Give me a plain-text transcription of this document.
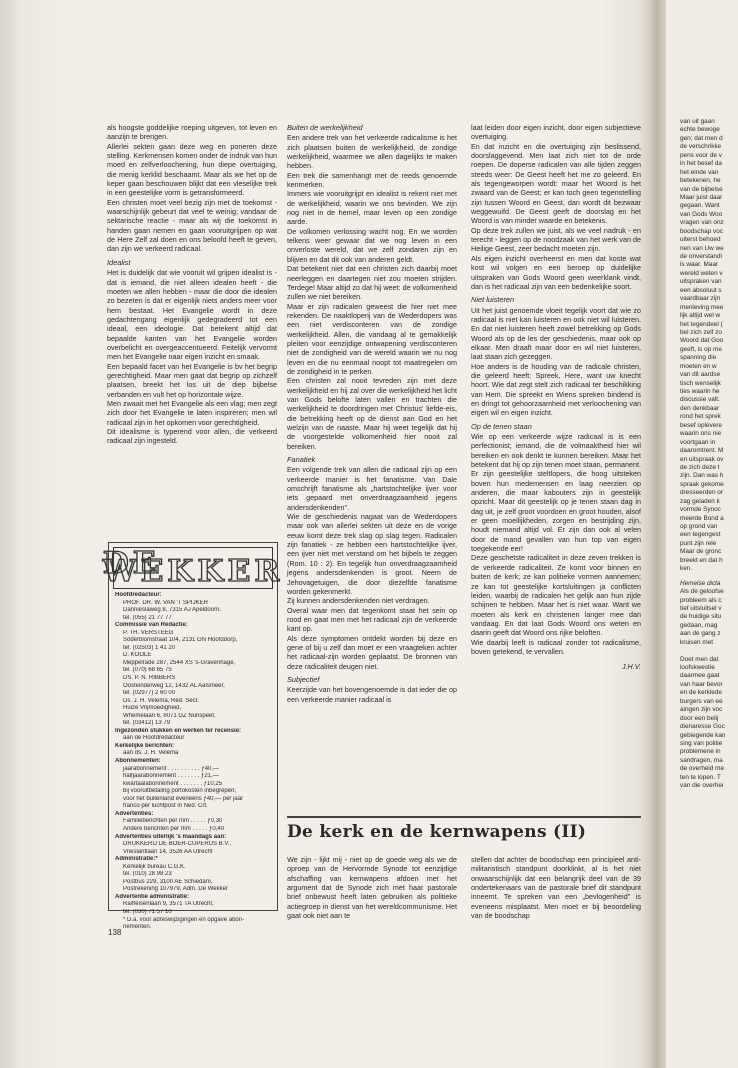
als hoogste goddelijke roeping uitgeven, tot leven en aanzijn te brengen.

Allerlei sekten gaan deze weg en poneren deze stelling. Kerkmensen komen onder de indruk van hun moed en zelfverloochening, hun diepe overtuiging, die menig kerklid beschaamt. Maar als we het op de keper gaan beschouwen blijkt dat een vleselijke trek in een geestelijke vorm is getransformeerd.

Een christen moet veel bezig zijn met de toekomst - waarschijnlijk gebeurt dat veel te weinig; vandaar de sektarische reactie - maar als wij die toekomst in handen gaan nemen en gaan vooruitgrijpen op wat de Here Zelf zal doen en ons beloofd heeft te geven, dan zijn we verkeerd radicaal.

Idealist

Het is duidelijk dat wie vooruit wil grijpen idealist is - dat is iemand, die niet alleen idealen heeft - die moeten we allen hebben - maar die door die idealen zo bezeten is dat er eigenlijk niets anders meer voor hem bestaat. Het Evangelie wordt in deze gedachtengang eigenlijk gedegradeerd tot een ideaal, een ideologie. Dat betekent altijd dat bepaalde kanten van het Evangelie worden overbelicht en overgeaccentueerd. Feitelijk vervormt men het Evangelie naar eigen inzicht en smaak.

Een bepaald facet van het Evangelie is bv het begrip gerechtigheid. Maar men gaat dat begrip op zichzelf plaatsen, breekt het los uit de diep bijbelse verbanden en vult het op horizontale wijze.

Men zwaait met het Evangelie als een vlag; men zegt zich door het Evangelie te laten inspireren; men wil radicaal zijn in het opkomen voor gerechtigheid.

Dit idealisme is typerend voor allen, die verkeerd radicaal zijn ingesteld.

Buiten de werkelijkheid

Een andere trek van het verkeerde radicalisme is het zich plaatsen buiten de werkelijkheid, de zondige werkelijkheid, waarmee we allen dagelijks te maken hebben.

Een trek die samenhangt met de reeds genoemde kenmerken.

Immers wie vooruitgrijpt en idealist is rekent niet met de werkelijkheid, waarin we ons bevinden. We zijn nog niet in de hemel, maar leven op een zondige aarde.

De volkomen verlossing wacht nog. En we worden telkens weer gewaar dat we nog leven in een onverloste wereld, dat we zelf zondaren zijn en blijven en dat dit ook van anderen geldt.

Dat betekent niet dat een christen zich daarbij moet neerleggen en daartegen niet zou moeten strijden. Terdege! Maar altijd zo dat hij weet: de volkomenheid zullen we niet bereiken.

Maar er zijn radicalen geweest die hier niet mee rekenden. De naaktloperij van de Wederdopers was een niet verdisconteren van de zondige werkelijkheid. Allen, die vandaag al te gemakkelijk pleiten voor eenzijdige ontwapening verdisconteren niet de zondigheid van de wereld waarin we nu nog leven en die nu eenmaal noopt tot maatregelen om de zondigheid in te perken.

Een christen zal nooit tevreden zijn met deze werkelijkheid en hij zal over die werkelijkheid het licht van Gods belofte laten vallen en trachten die werkelijkheid te doordringen met Christus' liefde-eis, die betrekking heeft op de dienst aan God en het welzijn van de naaste. Maar hij weet tegelijk dat hij de voorgestelde volkomenheid hier nooit zal bereiken.

Fanatiek

Een volgende trek van allen die radicaal zijn op een verkeerde manier is het fanatisme. Van Dale omschrijft fanatisme als „hartstochtelijke ijver voor iets gepaard met onverdraagzaamheid jegens andersdenkenden".

Wie de geschiedenis nagaat van de Wederdopers maar ook van allerlei sekten uit deze en de vorige eeuw komt deze trek slag op slag tegen. Radicalen zijn fanatiek - ze hebben een hartstochtelijke ijver, een ijver niet met verstand om het bijbels te zeggen (Rom. 10 : 2). En tegelijk hun onverdraagzaamheid jegens andersdenkenden is groot. Neem de Jehovagetuigen, die door diezelfde fanatisme worden gekenmerkt.

Zij kunnen andersdenkenden niet verdragen.

Overal waar men dat tegenkomt staat het sein op rood en gaat men met het radicaal zijn de verkeerde kant op.

Als deze symptomen ontdekt worden bij deze en gene of bij u zelf dan moet er een vraagteken achter het radicaal-zijn worden geplaatst. De bronnen van deze radicaliteit deugen niet.

Subjectief

Keerzijde van het bovengenoemde is dat ieder die op een verkeerde manier radicaal is

laat leiden door eigen inzicht, door eigen subjectieve overtuiging.

En dat inzicht en die overtuiging zijn beslissend, doorslaggevend. Men laat zich niet tot de orde roepen. De doperse radicalen van alle tijden zeggen steeds weer: De Geest heeft het me zo geleerd. En als tegengeworpen wordt: maar het Woord is het zwaard van de Geest; er kan toch geen tegenstelling zijn tussen Woord en Geest, dan wordt dit bezwaar weggewuifd. De Geest geeft de doorslag en het Woord is van minder waarde en betekenis.

Op deze trek zullen we juist, als we veel nadruk - en terecht - leggen op de noodzaak van het werk van de Heilige Geest, zeer bedacht moeten zijn.

Als eigen inzicht overheerst en men dat koste wat kost wil volgen en een beroep op duidelijke uitspraken van Gods Woord geen weerklank vindt, dan is het radicaal zijn van een bedenkelijke soort.

Niet luisteren

Uit het juist genoemde vloeit tegelijk voort dat wie zo radicaal is niet kan luisteren en ook niet wil luisteren. En dat niet luisteren heeft zowel betrekking op Gods Woord als op de les der geschiedenis, maar ook op elkaar. Men draaft maar door en wil niet luisteren, laat staan zich gezeggen.

Hoe anders is de houding van de radicale christen, die geleerd heeft: Spreek, Here, want uw knecht hoort. Wie dat zegt stelt zich radicaal ter beschikking van Hem. Die spreekt en Wiens spreken bindend is en dringt tot gehoorzaamheid met verloochening van eigen wil en eigen inzicht.

Op de tenen staan

Wie op een verkeerde wijze radicaal is is een perfectionist; iemand, die de volmaaktheid hier wil bereiken en ook denkt te kunnen bereiken. Maar het betekent dat hij op zijn tenen moet staan, permanent. Er zijn geestelijke steltlopers, die hoog uitsteken boven hun medemensen en laag neerzien op anderen, die maar kabouters zijn in geestelijk opzicht. Maar dit geestelijk op je tenen staan dag in dag uit, je zelf groot voordoen en groot houden, alsof er geen moeilijkheden, zorgen en bestrijding zijn, houdt niemand altijd vol. Er zijn dan ook al velen door de mand gevallen van hun top van eigen toegekende eer!

Deze geschetste radicaliteit in deze zeven trekken is de verkeerde radicaliteit. Ze komt voor binnen en buiten de kerk; ze kan politieke vormen aannemen; ze kan tot geestelijke kortsluitingen ja conflicten leiden, waarbij de radicalen het gelijk aan hun zijde schijnen te hebben. Maar het is niet waar. Want we moeten als kerk en christenen langer mee dan vandaag. En dat laat Gods Woord ons weten en daarin geeft dat Woord ons rijke beloften.

Wie daarbij leeft is radicaal zonder tot radicalisme, boven getekend, te vervallen.

J.H.V.
DE WEKKER
Hoofdredacteur:
PROF. DR. W. VAN 'T SPIJKER
Dannieslaweg 8, 7315 AJ Apeldoorn.
tel. (055) 21 77 77
Commissie van Redactie:
P. TH. VERSTEEG
Söderblomstraat 104, 2131 GN Hoofddorp,
tel. (02503) 1 41 20
D. KOOLE
Meppelrade 287, 2544 XS 's-Gravenhage,
tel. (070) 68 65 75
DS. P. N. RIBBERS
Oosteinderweg 12, 1432 AL Aalsmeer,
tel. (02977) 2 60 00
Ds. J. H. Velema, Red. Secr.
Huize Vrijmoedigheid,
Whemelaan 6, 8071 GZ Nunspeet,
tel. (03412) 13 79
Ingezonden stukken en werken ter recensie:
aan de Hoofdredacteur
Kerkelijke berichten:
aan ds. J. H. Velema
Abonnementen:
jaarabonnement . . . . . . . . . . ƒ40,—
halfjaarabonnement . . . . . . . ƒ21,—
kwartaalabonnement . . . . . . . ƒ10,25
bij vooruitbetaling portokosten inbegrepen;
voor het buitenland eveneens ƒ40,— per jaar
franco per luchtpost in Ned. Crt.
Advertenties:
Familieberichten per mm . . . . . ƒ0,30
Andere berichten per mm . . . . . ƒ0,40
Advertenties uiterlijk 's maandags aan:
DRUKKERIJ DE BOER-CUPERUS B.V.,
Vrieslantlaan 14, 3526 AA Utrecht
Administratie:*
Kerkelijk bureau C.G.K.
tel. (010) 28 98 23
Postbus 229, 3100 AE Schiedam,
Postrekening 107979, Adm. De Wekker
Advertentie administratie:
Raiffeisenlaan 9, 3571 TA Utrecht,
tel. (030) 71 57 10
* D.a. voor adreswijzigingen en opgave abon-
nementen.
138
De kerk en de kernwapens (II)

We zijn - lijkt mij - niet op de goede weg als we de oproep van de Hervormde Synode tot eenzijdige afschaffing van kernwapens afdoen met het argument dat de Synode zich met haar pastorale brief onbewust heeft laten gebruiken als politieke actiegroep in dienst van het wereldcommunisme. Het gaat ook niet aan te

stellen dat achter de boodschap een principieel anti-militaristisch standpunt doorklinkt, al is het niet onwaarschijnlijk dat een belangrijk deel van de 39 ondertekenaars van de pastorale brief dit standpunt inneemt. Te spreken van een „bevlogenheid" is eveneens misplaatst. Men moet er bij beoordeling van de boodschap

van uit gaan
echte bewoge
gen; dat men d
de verschrikke
pens voor de v
in het besef da
het einde van
betekenen, he
van de bijbelse
Maar juist daar
gegaan. Want
van Gods Woo
vragen van onz
boodschap voc
uiterst behoed
nen van Uw we
de onverstandi
is waar. Maar
wereld weten v
uitspraken van
een absoluut s
vaardbaar zijn
menleving mee
lijk altijd wel w
het tegendeel (
bel zich zelf zo
Woord dat Goo
geeft, is op me
spanning die
moeten en w
van dit aardse
tisch wenselijk
ties waarin he
discussie valt.
den denkbaar
rond het sprek
besef oplevere
waarin ons nie
voortgaan in
daaromtrent. M
en uitspraak ov
de zich deze t
zijn. Dan was h
spraak gekome
dresseerden or
zag geladen k
vormde Synoc
meerde Bond a
op grond van
een tegengest
punt zijn rele
Maar de gronc
breekt en dat h
ken.
Hemelse dicta
Als de geloofse
probleem als c
tief uitsluitsel v
de huidige situ
gedaan, mag
aan de gang z
kruisen met
Doet men dat
loofskwestie
daarmee gaat
van haar bevor
en de kerklede
burgers van ee
aingen zijn voc
door een belij
dienaresse Goc
gebiegende kan
sing van politie
problemene in
sandragen, ma
de overheid me
ten te lopen. T
van die overhei
